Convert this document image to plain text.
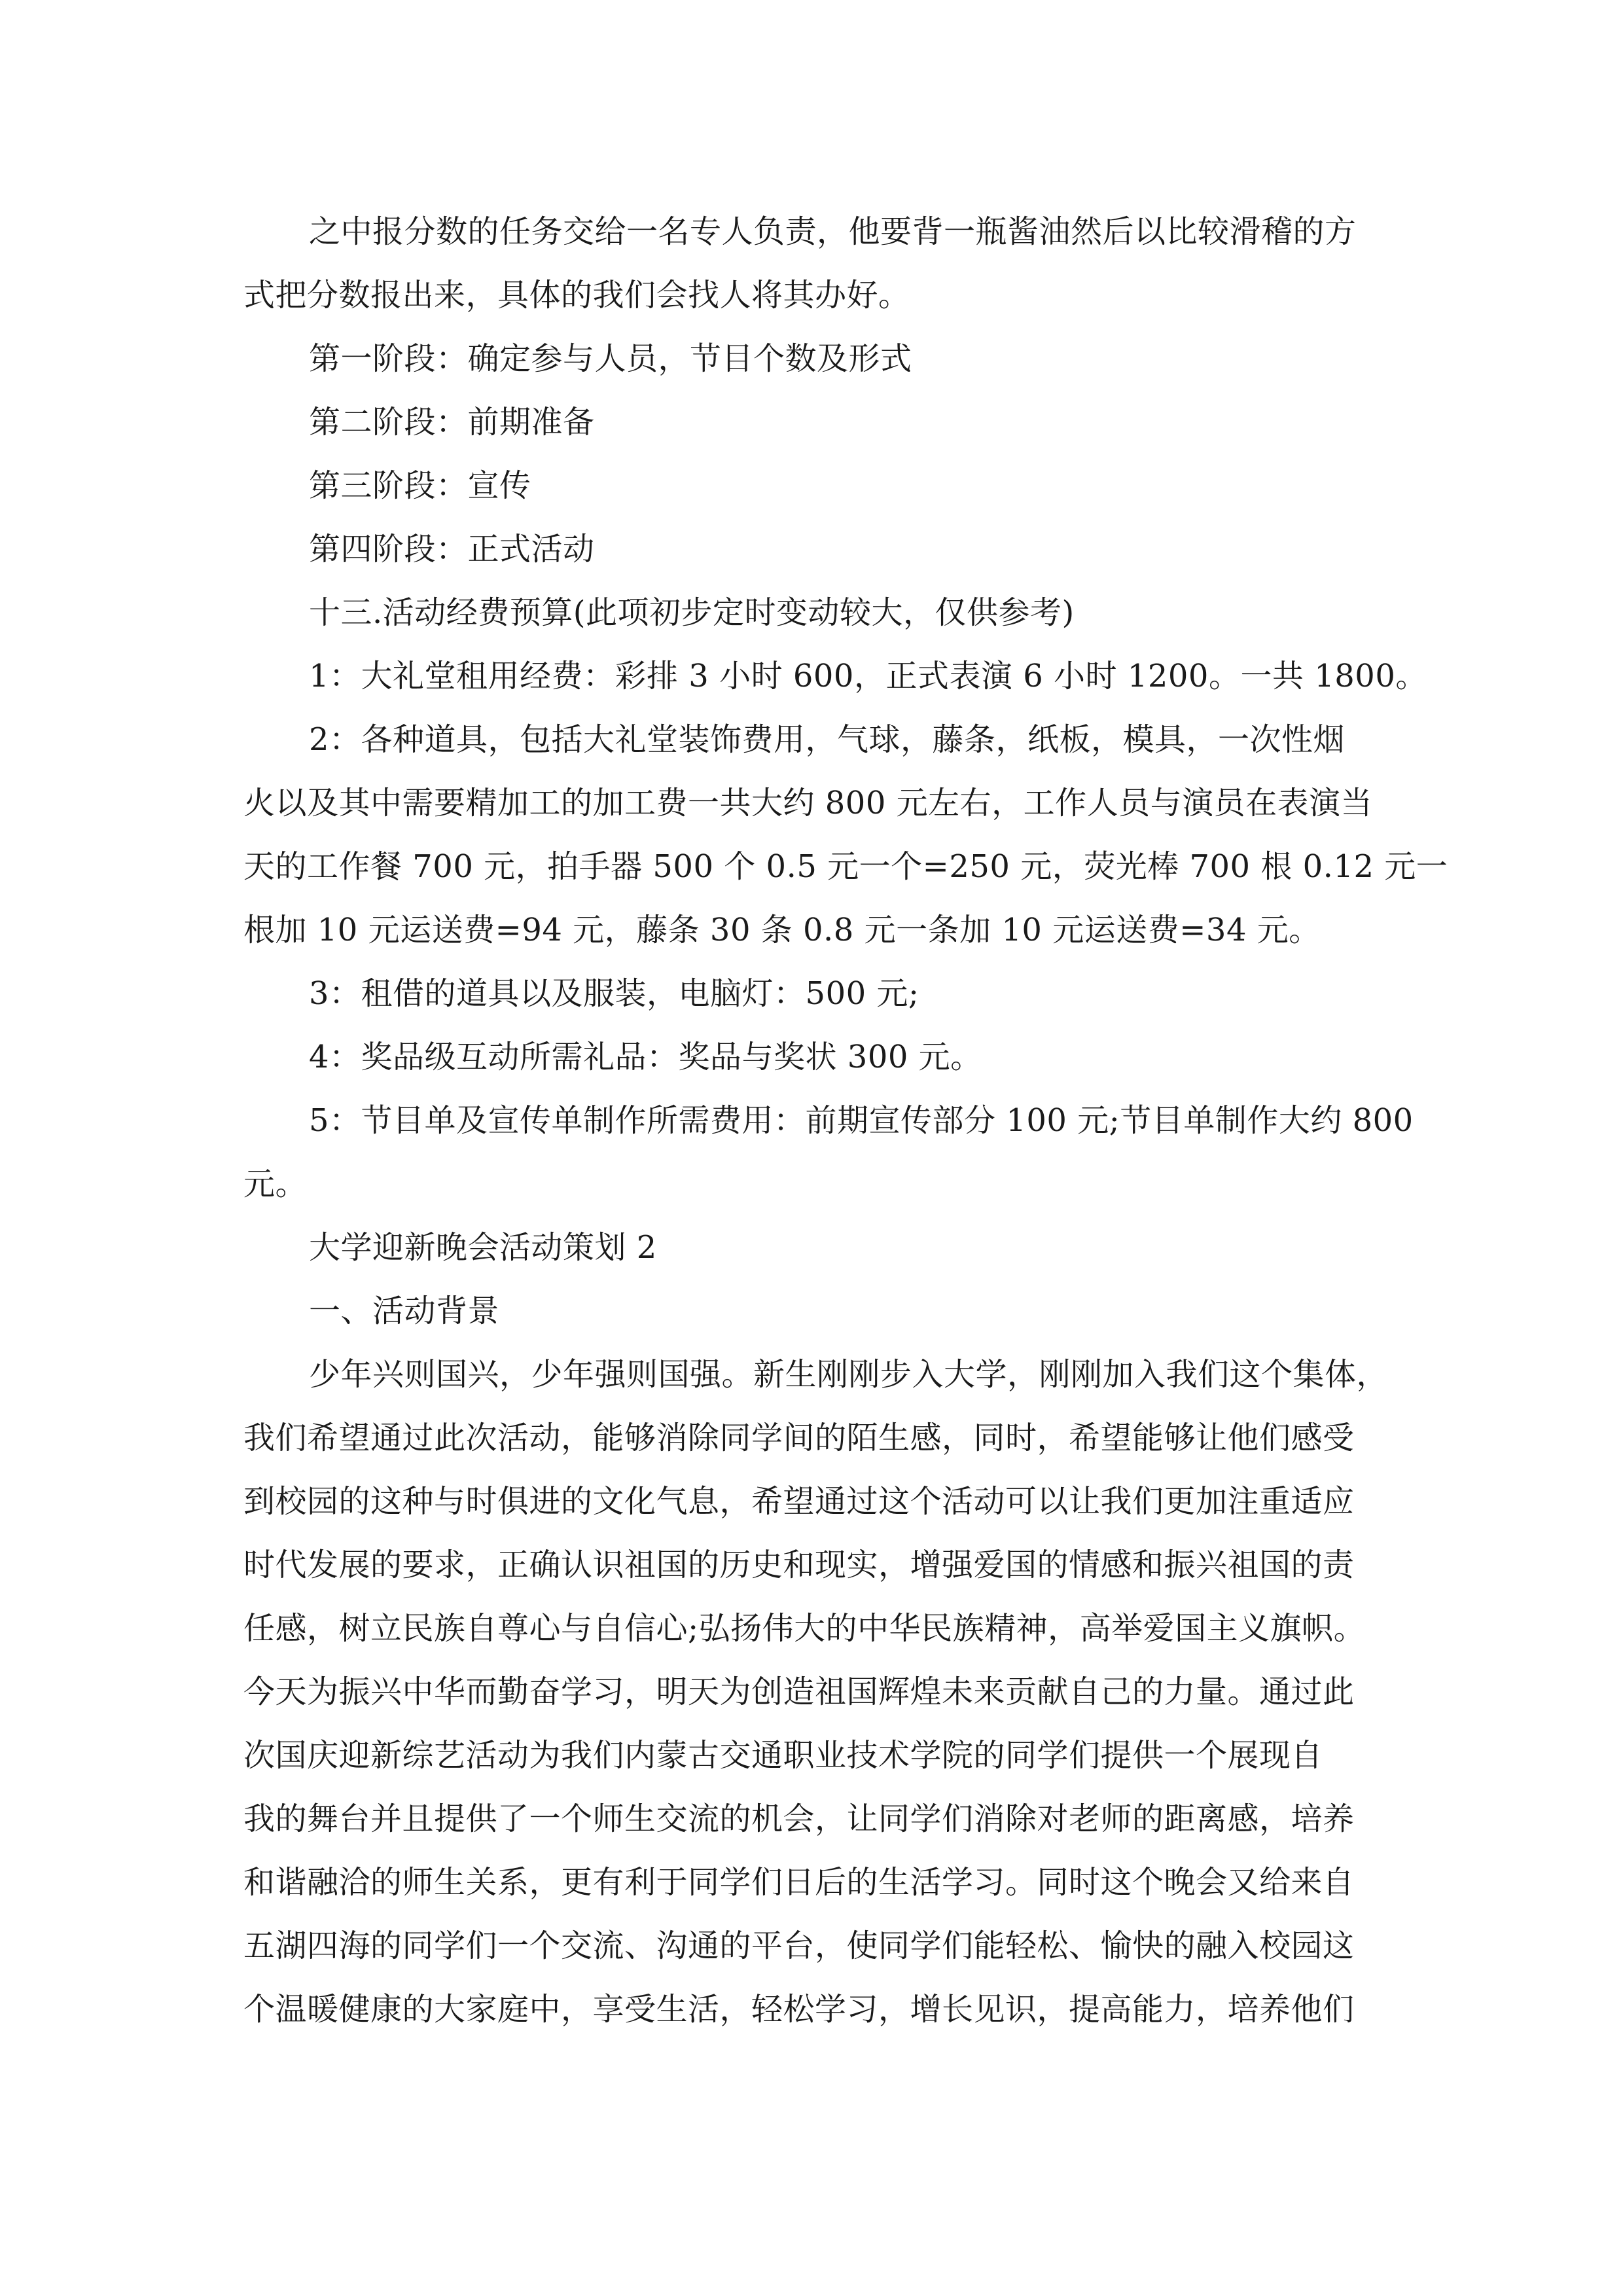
之中报分数的任务交给一名专人负责，他要背一瓶酱油然后以比较滑稽的方
式把分数报出来，具体的我们会找人将其办好。
第一阶段：确定参与人员，节目个数及形式
第二阶段：前期准备
第三阶段：宣传
第四阶段：正式活动
十三.活动经费预算(此项初步定时变动较大，仅供参考)
1：大礼堂租用经费：彩排 3 小时 600，正式表演 6 小时 1200。一共 1800。
2：各种道具，包括大礼堂装饰费用，气球，藤条，纸板，模具，一次性烟
火以及其中需要精加工的加工费一共大约 800 元左右，工作人员与演员在表演当
天的工作餐 700 元，拍手器 500 个 0.5 元一个=250 元，荧光棒 700 根 0.12 元一
根加 10 元运送费=94 元，藤条 30 条 0.8 元一条加 10 元运送费=34 元。
3：租借的道具以及服装，电脑灯：500 元;
4：奖品级互动所需礼品：奖品与奖状 300 元。
5：节目单及宣传单制作所需费用：前期宣传部分 100 元;节目单制作大约 800
元。
大学迎新晚会活动策划 2
一、活动背景
少年兴则国兴，少年强则国强。新生刚刚步入大学，刚刚加入我们这个集体，
我们希望通过此次活动，能够消除同学间的陌生感，同时，希望能够让他们感受
到校园的这种与时俱进的文化气息，希望通过这个活动可以让我们更加注重适应
时代发展的要求，正确认识祖国的历史和现实，增强爱国的情感和振兴祖国的责
任感，树立民族自尊心与自信心;弘扬伟大的中华民族精神，高举爱国主义旗帜。
今天为振兴中华而勤奋学习，明天为创造祖国辉煌未来贡献自己的力量。通过此
次国庆迎新综艺活动为我们内蒙古交通职业技术学院的同学们提供一个展现自
我的舞台并且提供了一个师生交流的机会，让同学们消除对老师的距离感，培养
和谐融洽的师生关系，更有利于同学们日后的生活学习。同时这个晚会又给来自
五湖四海的同学们一个交流、沟通的平台，使同学们能轻松、愉快的融入校园这
个温暖健康的大家庭中，享受生活，轻松学习，增长见识，提高能力，培养他们
